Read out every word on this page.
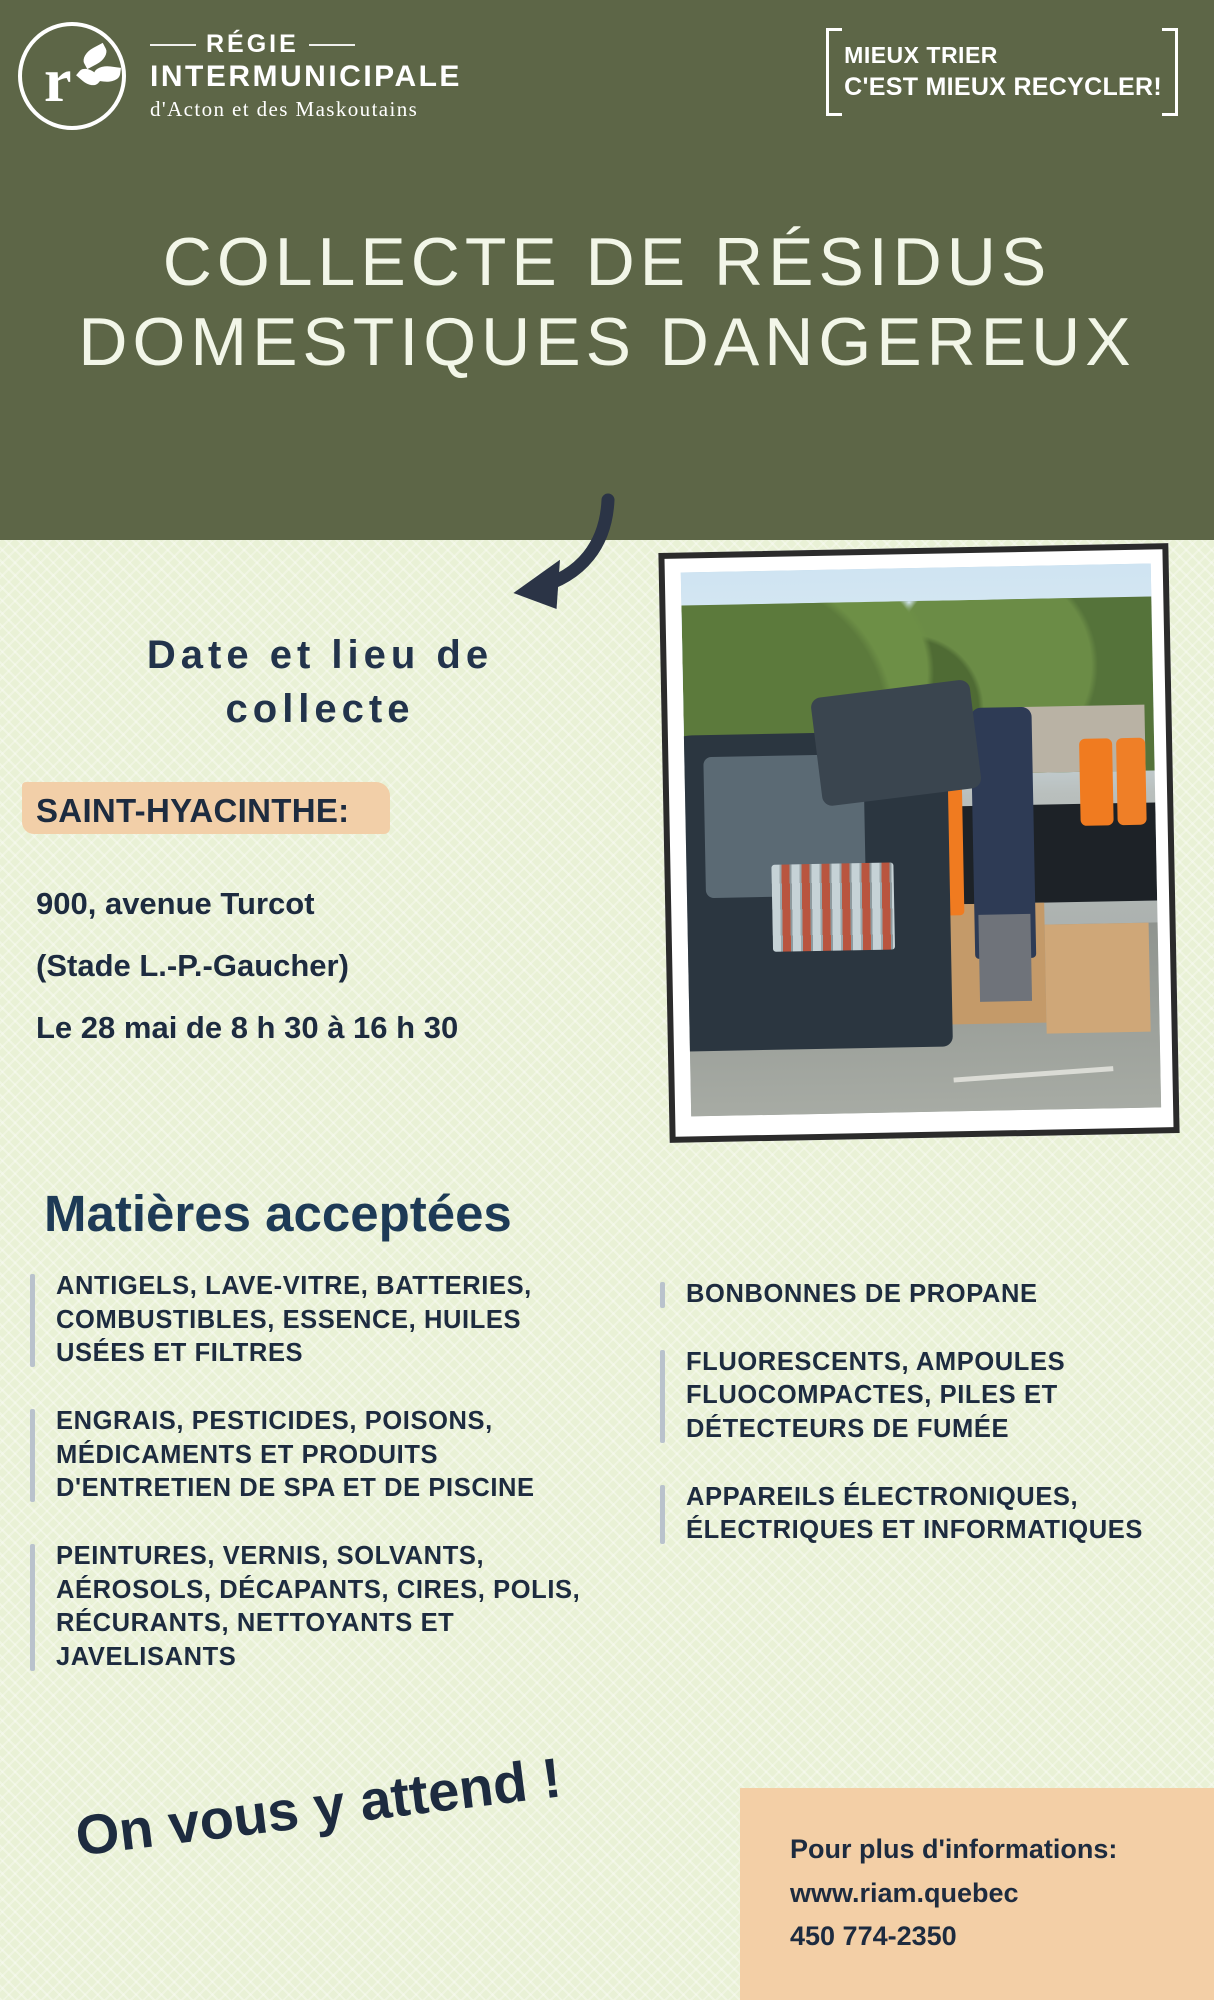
r
RÉGIE
INTERMUNICIPALE
d'Acton et des Maskoutains
MIEUX TRIER
C'EST MIEUX RECYCLER!
COLLECTE DE RÉSIDUS
DOMESTIQUES DANGEREUX
Date et lieu de collecte
SAINT-HYACINTHE:
900, avenue Turcot
(Stade L.-P.-Gaucher)
Le 28 mai de 8 h 30 à 16 h 30
Matières acceptées
ANTIGELS, LAVE-VITRE, BATTERIES, COMBUSTIBLES, ESSENCE, HUILES USÉES ET FILTRES
ENGRAIS, PESTICIDES, POISONS, MÉDICAMENTS ET PRODUITS D'ENTRETIEN DE SPA ET DE PISCINE
PEINTURES, VERNIS, SOLVANTS, AÉROSOLS, DÉCAPANTS, CIRES, POLIS, RÉCURANTS, NETTOYANTS ET JAVELISANTS
BONBONNES DE PROPANE
FLUORESCENTS, AMPOULES FLUOCOMPACTES, PILES ET DÉTECTEURS DE FUMÉE
APPAREILS ÉLECTRONIQUES, ÉLECTRIQUES ET INFORMATIQUES
On vous y attend !	Pour plus d'informations:
www.riam.quebec
450 774-2350
